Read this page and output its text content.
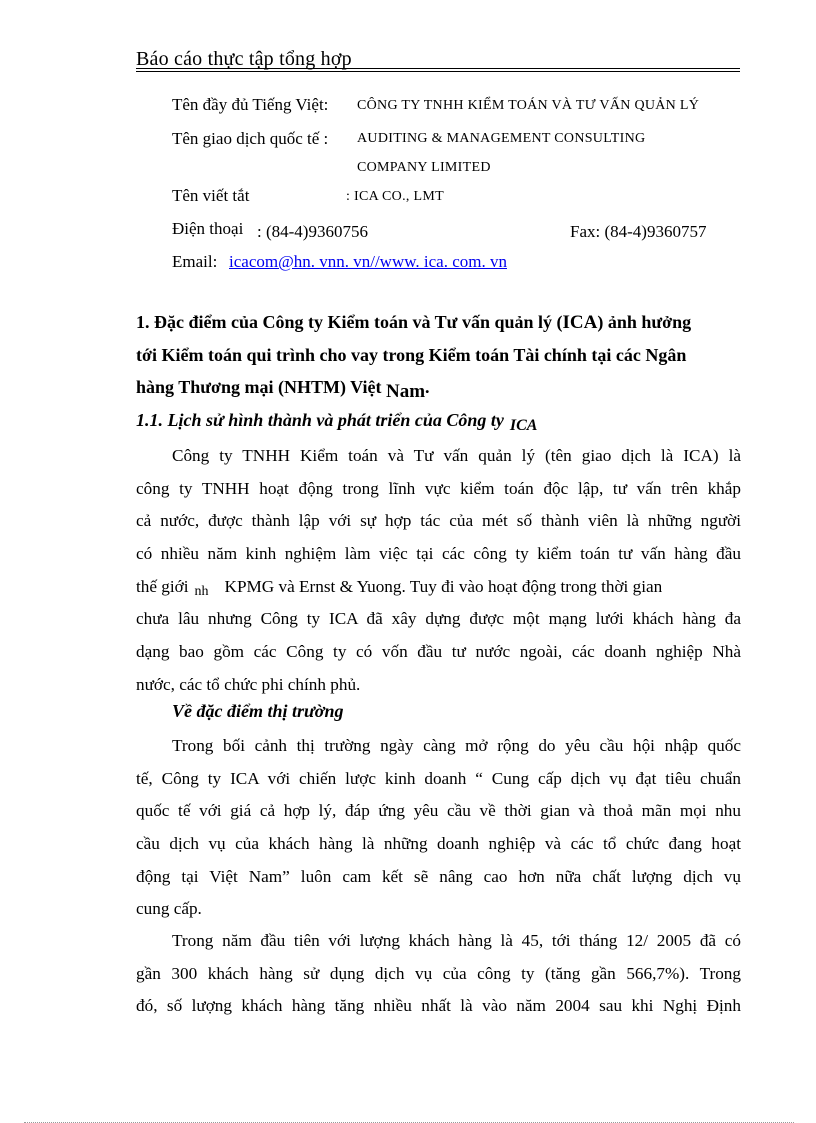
Báo cáo thực tập tổng hợp
Tên đầy đủ Tiếng Việt: CÔNG TY TNHH KIỂM TOÁN VÀ TƯ VẤN QUẢN LÝ
Tên giao dịch quốc tế : AUDITING & MANAGEMENT CONSULTING
COMPANY LIMITED
Tên viết tắt	: ICA CO., LMT
Điện thoại : (84-4)9360756	Fax: (84-4)9360757
Email: icacom@hn. vnn. vn//www. ica. com. vn
1. Đặc điểm của Công ty Kiểm toán và Tư vấn quản lý (ICA) ảnh hưởng
tới Kiểm toán qui trình cho vay trong Kiểm toán Tài chính tại các Ngân
hàng Thương mại (NHTM) Việt Nam.
1.1. Lịch sử hình thành và phát triển của Công ty ICA
Công ty TNHH Kiểm toán và Tư vấn quản lý (tên giao dịch là ICA) là
công ty TNHH hoạt động trong lĩnh vực kiểm toán độc lập, tư vấn trên khắp
cả nước, được thành lập với sự hợp tác của mét số thành viên là những người
có nhiều năm kinh nghiệm làm việc tại các công ty kiểm toán tư vấn hàng đầu
thế giới nh KPMG và Ernst & Yuong. Tuy đi vào hoạt động trong thời gian
chưa lâu nhưng Công ty ICA đã xây dựng được một mạng lưới khách hàng đa
dạng bao gồm các Công ty có vốn đầu tư nước ngoài, các doanh nghiệp Nhà
nước, các tổ chức phi chính phủ.
Về đặc điểm thị trường
Trong bối cảnh thị trường ngày càng mở rộng do yêu cầu hội nhập quốc
tế, Công ty ICA với chiến lược kinh doanh “ Cung cấp dịch vụ đạt tiêu chuẩn
quốc tế với giá cả hợp lý, đáp ứng yêu cầu về thời gian và thoả mãn mọi nhu
cầu dịch vụ của khách hàng là những doanh nghiệp và các tổ chức đang hoạt
động tại Việt Nam” luôn cam kết sẽ nâng cao hơn nữa chất lượng dịch vụ
cung cấp.
Trong năm đầu tiên với lượng khách hàng là 45, tới tháng 12/ 2005 đã có
gần 300 khách hàng sử dụng dịch vụ của công ty (tăng gần 566,7%). Trong
đó, số lượng khách hàng tăng nhiều nhất là vào năm 2004 sau khi Nghị Định
